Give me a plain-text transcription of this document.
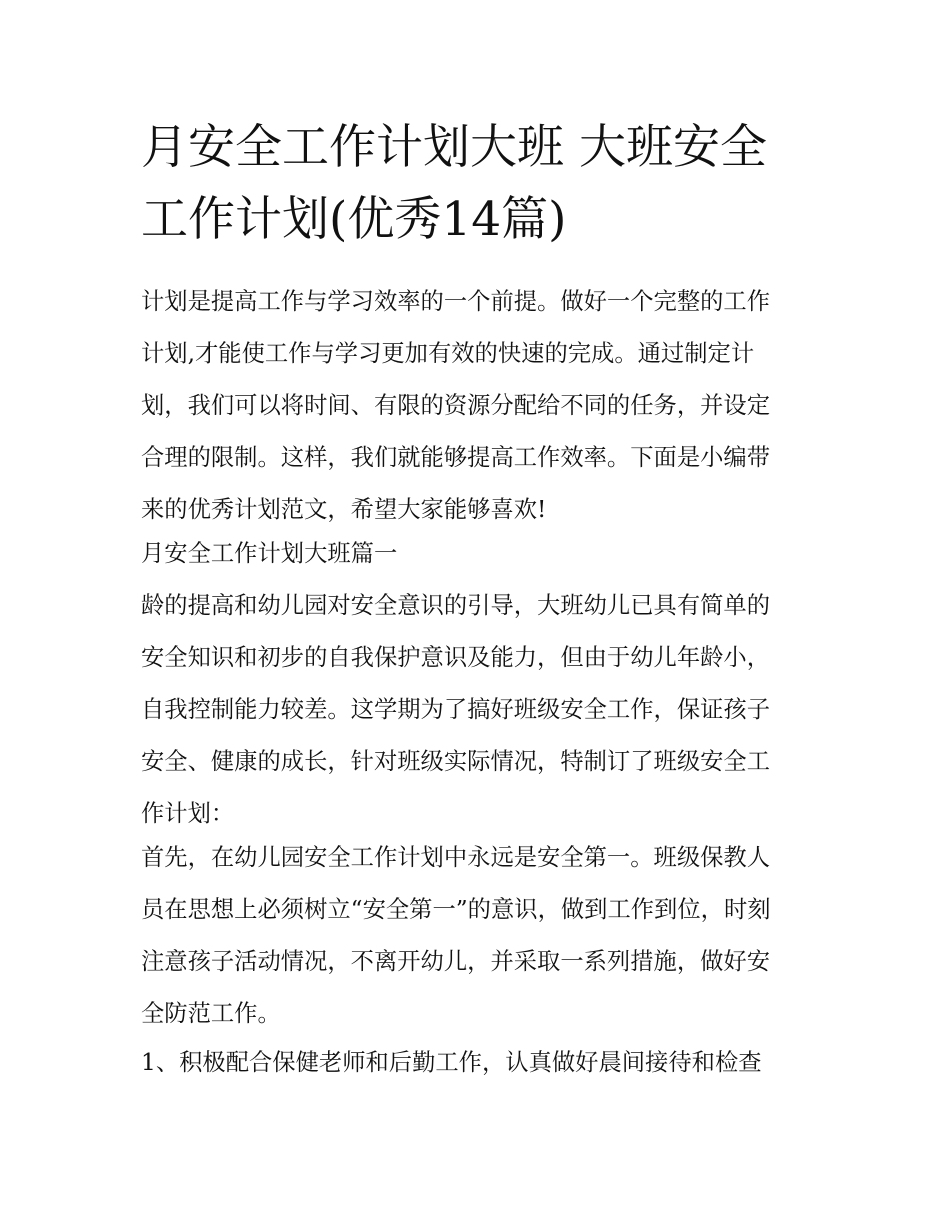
月安全工作计划大班 大班安全
工作计划(优秀14篇)
计划是提高工作与学习效率的一个前提。做好一个完整的工作
计划,才能使工作与学习更加有效的快速的完成。通过制定计
划，我们可以将时间、有限的资源分配给不同的任务，并设定
合理的限制。这样，我们就能够提高工作效率。下面是小编带
来的优秀计划范文，希望大家能够喜欢!
月安全工作计划大班篇一
龄的提高和幼儿园对安全意识的引导，大班幼儿已具有简单的
安全知识和初步的自我保护意识及能力，但由于幼儿年龄小，
自我控制能力较差。这学期为了搞好班级安全工作，保证孩子
安全、健康的成长，针对班级实际情况，特制订了班级安全工
作计划：
首先，在幼儿园安全工作计划中永远是安全第一。班级保教人
员在思想上必须树立“安全第一”的意识，做到工作到位，时刻
注意孩子活动情况，不离开幼儿，并采取一系列措施，做好安
全防范工作。
1、积极配合保健老师和后勤工作，认真做好晨间接待和检查
